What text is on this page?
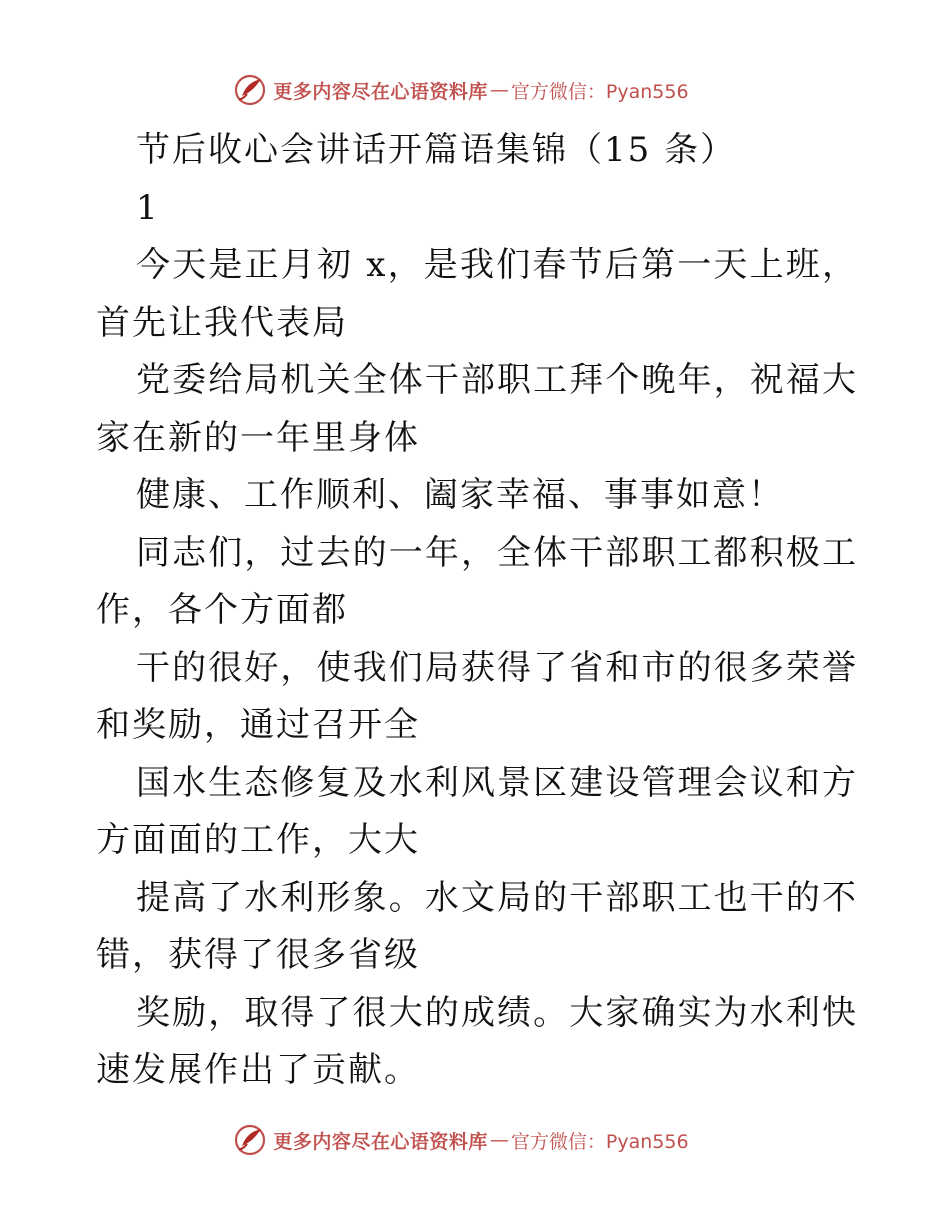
更多内容尽在心语资料库 — 官方微信：Pyan556

节后收心会讲话开篇语集锦（15 条）

1

今天是正月初 x，是我们春节后第一天上班，首先让我代表局

党委给局机关全体干部职工拜个晚年，祝福大家在新的一年里身体

健康、工作顺利、阖家幸福、事事如意！

同志们，过去的一年，全体干部职工都积极工作，各个方面都

干的很好，使我们局获得了省和市的很多荣誉和奖励，通过召开全

国水生态修复及水利风景区建设管理会议和方方面面的工作，大大

提高了水利形象。水文局的干部职工也干的不错，获得了很多省级

奖励，取得了很大的成绩。大家确实为水利快速发展作出了贡献。

更多内容尽在心语资料库 — 官方微信：Pyan556
